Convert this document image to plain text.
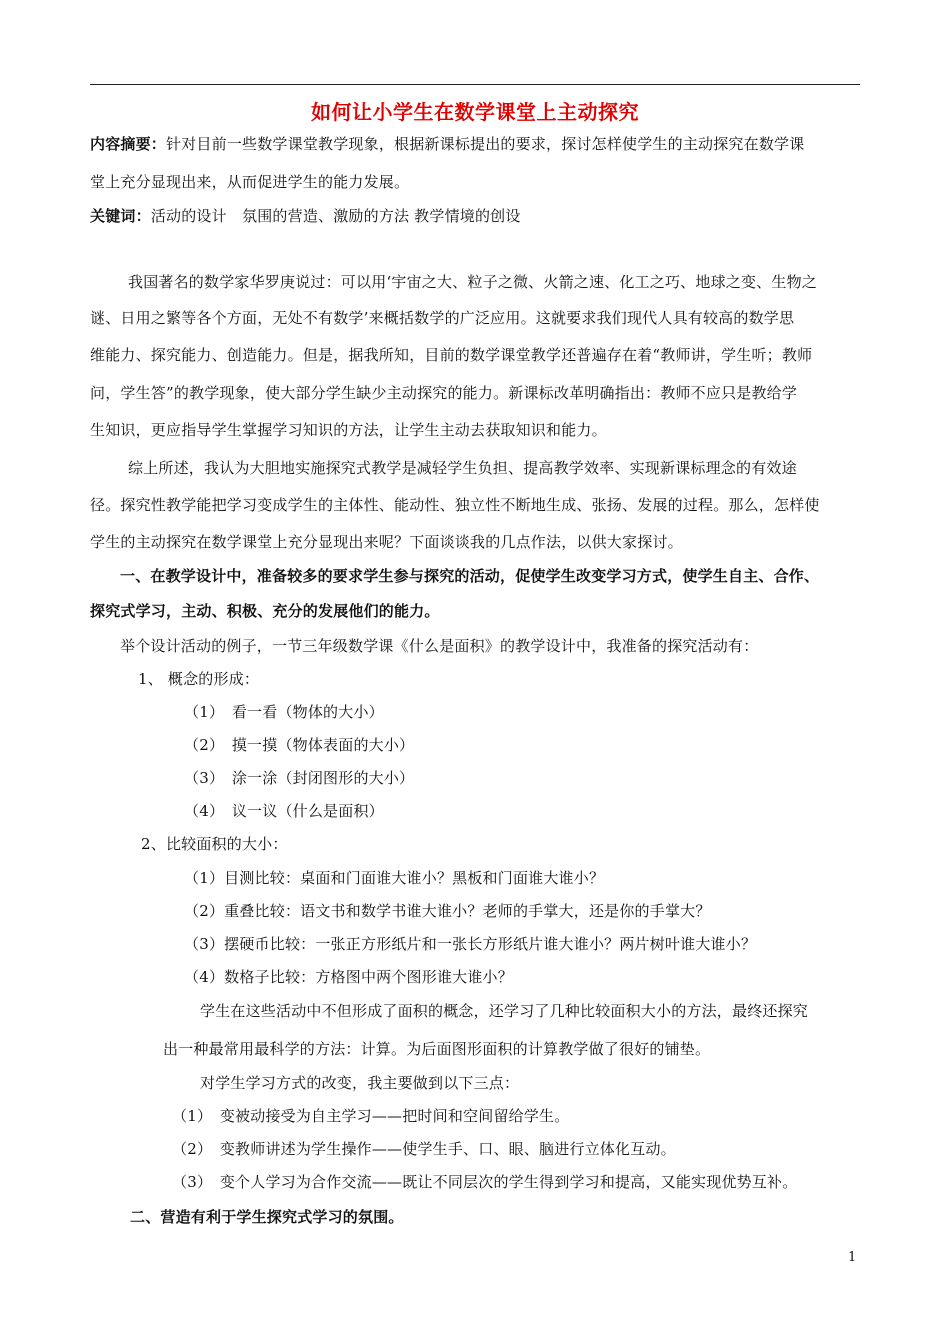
如何让小学生在数学课堂上主动探究
内容摘要：针对目前一些数学课堂教学现象，根据新课标提出的要求，探讨怎样使学生的主动探究在数学课
堂上充分显现出来，从而促进学生的能力发展。
关键词：活动的设计　氛围的营造、激励的方法 教学情境的创设
我国著名的数学家华罗庚说过：可以用‘宇宙之大、粒子之微、火箭之速、化工之巧、地球之变、生物之
谜、日用之繁等各个方面，无处不有数学’来概括数学的广泛应用。这就要求我们现代人具有较高的数学思
维能力、探究能力、创造能力。但是，据我所知，目前的数学课堂教学还普遍存在着“教师讲，学生听；教师
问，学生答”的教学现象，使大部分学生缺少主动探究的能力。新课标改革明确指出：教师不应只是教给学
生知识，更应指导学生掌握学习知识的方法，让学生主动去获取知识和能力。
综上所述，我认为大胆地实施探究式教学是减轻学生负担、提高教学效率、实现新课标理念的有效途
径。探究性教学能把学习变成学生的主体性、能动性、独立性不断地生成、张扬、发展的过程。那么，怎样使
学生的主动探究在数学课堂上充分显现出来呢？下面谈谈我的几点作法，以供大家探讨。
一、在教学设计中，准备较多的要求学生参与探究的活动，促使学生改变学习方式，使学生自主、合作、
探究式学习，主动、积极、充分的发展他们的能力。
举个设计活动的例子，一节三年级数学课《什么是面积》的教学设计中，我准备的探究活动有：
1、 概念的形成：
（1）　看一看（物体的大小）
（2）　摸一摸（物体表面的大小）
（3）　涂一涂（封闭图形的大小）
（4）　议一议（什么是面积）
2、比较面积的大小：
（1）目测比较：桌面和门面谁大谁小？黑板和门面谁大谁小？
（2）重叠比较：语文书和数学书谁大谁小？老师的手掌大，还是你的手掌大？
（3）摆硬币比较：一张正方形纸片和一张长方形纸片谁大谁小？两片树叶谁大谁小？
（4）数格子比较：方格图中两个图形谁大谁小？
学生在这些活动中不但形成了面积的概念，还学习了几种比较面积大小的方法，最终还探究
出一种最常用最科学的方法：计算。为后面图形面积的计算教学做了很好的铺垫。
对学生学习方式的改变，我主要做到以下三点：
（1）　变被动接受为自主学习——把时间和空间留给学生。
（2）　变教师讲述为学生操作——使学生手、口、眼、脑进行立体化互动。
（3）　变个人学习为合作交流——既让不同层次的学生得到学习和提高，又能实现优势互补。
二、营造有利于学生探究式学习的氛围。
1
